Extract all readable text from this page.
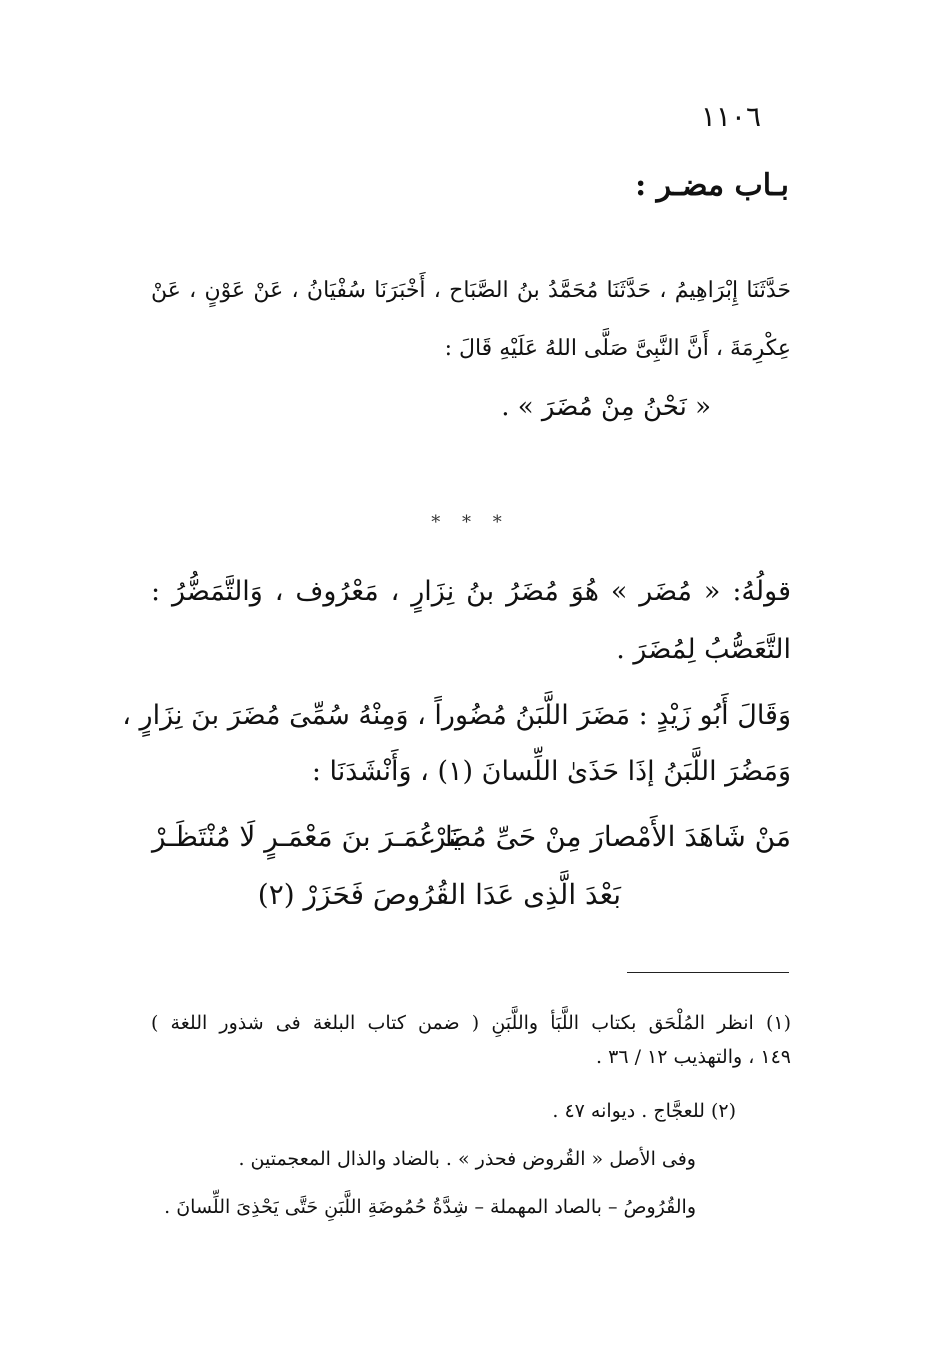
١١٠٦
بـاب مضـر :
حَدَّثَنَا إِبْرَاهِيمُ ، حَدَّثَنَا مُحَمَّدُ بنُ الصَّبَاح ، أَخْبَرَنَا سُفْيَانُ ، عَنْ عَوْنٍ ، عَنْ
عِكْرِمَةَ ، أَنَّ النَّبِىَّ صَلَّى اللهُ عَلَيْهِ قَالَ :
« نَحْنُ مِنْ مُضَرَ » .
* * *
قولُهُ: « مُضَر » هُوَ مُضَرُ بنُ نِزَارٍ ، مَعْرُوف ، وَالتَّمَضُّرُ :
التَّعَصُّبُ لِمُضَرَ .
وَقَالَ أَبُو زَيْدٍ : مَضَرَ اللَّبَنُ مُضُوراً ، وَمِنْهُ سُمِّىَ مُضَرَ بنَ نِزَارٍ ،
وَمَضُرَ اللَّبَنُ إذَا حَذَىٰ اللِّسانَ (١) ، وَأَنْشَدَنَا :
مَنْ شَاهَدَ الأَمْصارَ مِنْ حَىِّ مُضَرْ
يَا عُمَـرَ بنَ مَعْمَـرٍ لَا مُنْتَظَـرْ
بَعْدَ الَّذِى عَدَا القُرُوصَ فَحَزَرْ (٢)
(١) انظر المُلْحَق بكتاب اللَّبَأ واللَّبَنِ ( ضمن كتاب البلغة فى شذور اللغة )
١٤٩ ، والتهذيب ١٢ / ٣٦ .
(٢) للعجَّاج . ديوانه ٤٧ .
وفى الأصل « القُروض فحذر » . بالضاد والذال المعجمتين .
والقُرُوصُ – بالصاد المهملة – شِدَّةُ حُمُوضَةِ اللَّبَنِ حَتَّى يَحْذِىَ اللِّسانَ .
